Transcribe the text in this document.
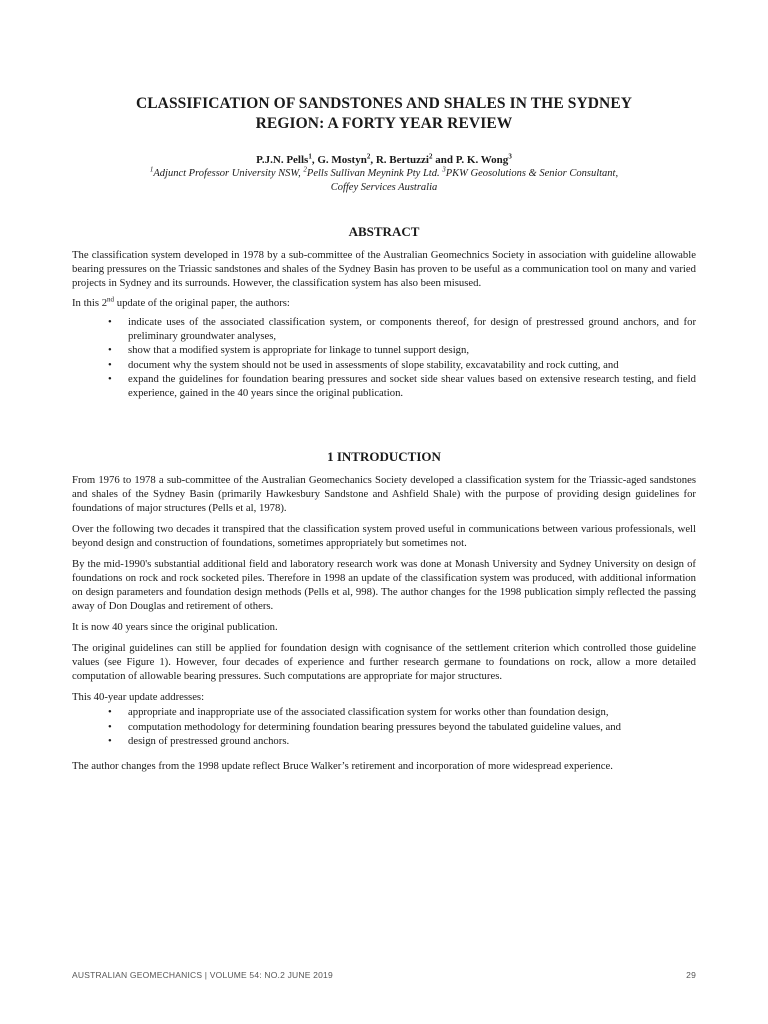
CLASSIFICATION OF SANDSTONES AND SHALES IN THE SYDNEY
REGION: A FORTY YEAR REVIEW
P.J.N. Pells$^1$, G. Mostyn$^2$, R. Bertuzzi$^2$ and P. K. Wong$^3$
$^1$Adjunct Professor University NSW, $^2$Pells Sullivan Meynink Pty Ltd. $^3$PKW Geosolutions & Senior Consultant,
Coffey Services Australia
ABSTRACT

The classification system developed in 1978 by a sub-committee of the Australian Geomechnics Society in association with guideline allowable bearing pressures on the Triassic sandstones and shales of the Sydney Basin has proven to be useful as a communication tool on many and varied projects in Sydney and its surrounds. However, the classification system has also been misused.

In this 2nd update of the original paper, the authors:

• indicate uses of the associated classification system, or components thereof, for design of prestressed ground anchors, and for preliminary groundwater analyses,
• show that a modified system is appropriate for linkage to tunnel support design,
• document why the system should not be used in assessments of slope stability, excavatability and rock cutting, and
• expand the guidelines for foundation bearing pressures and socket side shear values based on extensive research testing, and field experience, gained in the 40 years since the original publication.
1 INTRODUCTION

From 1976 to 1978 a sub-committee of the Australian Geomechanics Society developed a classification system for the Triassic-aged sandstones and shales of the Sydney Basin (primarily Hawkesbury Sandstone and Ashfield Shale) with the purpose of providing design guidelines for foundations of major structures (Pells et al, 1978).

Over the following two decades it transpired that the classification system proved useful in communications between various professionals, well beyond design and construction of foundations, sometimes appropriately but sometimes not.

By the mid-1990's substantial additional field and laboratory research work was done at Monash University and Sydney University on design of foundations on rock and rock socketed piles. Therefore in 1998 an update of the classification system was produced, with additional information on design parameters and foundation design methods (Pells et al, 998). The author changes for the 1998 publication simply reflected the passing away of Don Douglas and retirement of others.

It is now 40 years since the original publication.

The original guidelines can still be applied for foundation design with cognisance of the settlement criterion which controlled those guideline values (see Figure 1). However, four decades of experience and further research germane to foundations on rock, allow a more detailed computation of allowable bearing pressures. Such computations are appropriate for major structures.

This 40-year update addresses:

• appropriate and inappropriate use of the associated classification system for works other than foundation design,
• computation methodology for determining foundation bearing pressures beyond the tabulated guideline values, and
• design of prestressed ground anchors.

The author changes from the 1998 update reflect Bruce Walker’s retirement and incorporation of more widespread experience.

AUSTRALIAN GEOMECHANICS | VOLUME 54: NO.2 JUNE 2019	29
